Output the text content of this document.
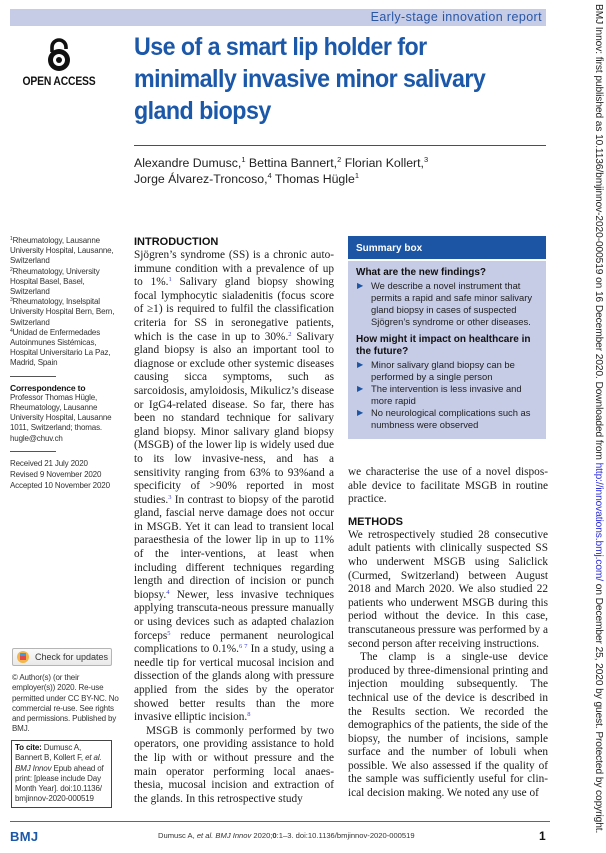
Early-stage innovation report
OPEN ACCESS
Use of a smart lip holder for minimally invasive minor salivary gland biopsy
Alexandre Dumusc,$^1$ Bettina Bannert,$^2$ Florian Kollert,$^3$
Jorge Álvarez-Troncoso,$^4$ Thomas Hügle$^1$
$^1$Rheumatology, Lausanne University Hospital, Lausanne, Switzerland
$^2$Rheumatology, University Hospital Basel, Basel, Switzerland
$^3$Rheumatology, Inselspital University Hospital Bern, Bern, Switzerland
$^4$Unidad de Enfermedades Autoinmunes Sistémicas, Hospital Universitario La Paz, Madrid, Spain
Correspondence to
Professor Thomas Hügle, Rheumatology, Lausanne University Hospital, Lausanne 1011, Switzerland; thomas. hugle@chuv.ch
Received 21 July 2020
Revised 9 November 2020
Accepted 10 November 2020
Check for updates
© Author(s) (or their employer(s)) 2020. Re-use permitted under CC BY-NC. No commercial re-use. See rights and permissions. Published by BMJ.
To cite: Dumusc A, Bannert B, Kollert F, et al. BMJ Innov Epub ahead of print: [please include Day Month Year]. doi:10.1136/ bmjinnov-2020-000519
INTRODUCTION

Sjögren’s syndrome (SS) is a chronic auto-immune condition with a prevalence of up to 1%.$^1$ Salivary gland biopsy showing focal lymphocytic sialadenitis (focus score of ≥1) is required to fulfil the classification criteria for SS in seronegative patients, which is the case in up to 30%.$^2$ Salivary gland biopsy is also an important tool to diagnose or exclude other systemic diseases causing sicca symptoms, such as sarcoidosis, amyloidosis, Mikulicz’s disease or IgG4-related disease. So far, there has been no standard technique for salivary gland biopsy. Minor salivary gland biopsy (MSGB) of the lower lip is widely used due to its low invasive-ness, and has a sensitivity ranging from 63% to 93%and a specificity of >90% reported in most studies.$^3$ In contrast to biopsy of the parotid gland, fascial nerve damage does not occur in MSGB. Yet it can lead to transient local paraesthesia of the lower lip in up to 11% of the inter-ventions, at least when including different techniques regarding length and direction of incision or punch biopsy.$^4$ Newer, less invasive techniques applying transcuta-neous pressure manually or using devices such as adapted chalazion forceps$^5$ reduce permanent neurological complications to 0.1%.$^{6 7}$ In a study, using a needle tip for vertical mucosal incision and dissection of the glands along with pressure applied from the sides by the operator showed better results than the more invasive elliptic incision.$^8$

MSGB is commonly performed by two operators, one providing assistance to hold the lip with or without pressure and the main operator performing local anaes-thesia, mucosal incision and extraction of the glands. In this retrospective study

Summary box
What are the new findings?
▶ We describe a novel instrument that permits a rapid and safe minor salivary gland biopsy in cases of suspected Sjögren’s syndrome or other diseases.
How might it impact on healthcare in the future?
▶ Minor salivary gland biopsy can be performed by a single person
▶ The intervention is less invasive and more rapid
▶ No neurological complications such as numbness were observed

we characterise the use of a novel dispos-able device to facilitate MSGB in routine practice.

METHODS

We retrospectively studied 28 consecutive adult patients with clinically suspected SS who underwent MSGB using Saliclick (Curmed, Switzerland) between August 2018 and March 2020. We also studied 22 patients who underwent MSGB during this period without the device. In this case, transcutaneous pressure was performed by a second person after receiving instructions.

The clamp is a single-use device produced by three-dimensional printing and injection moulding subsequently. The technical use of the device is described in the Results section. We recorded the demographics of the patients, the side of the biopsy, the number of incisions, sample surface and the number of lobuli when possible. We also assessed if the quality of the sample was sufficiently useful for clin-ical decision making. We noted any use of

BMJ	Dumusc A, et al. BMJ Innov 2020;0:1–3. doi:10.1136/bmjinnov-2020-000519	1
BMJ Innov: first published as 10.1136/bmjinnov-2020-000519 on 16 December 2020. Downloaded from http://innovations.bmj.com/ on December 25, 2020 by guest. Protected by copyright.
